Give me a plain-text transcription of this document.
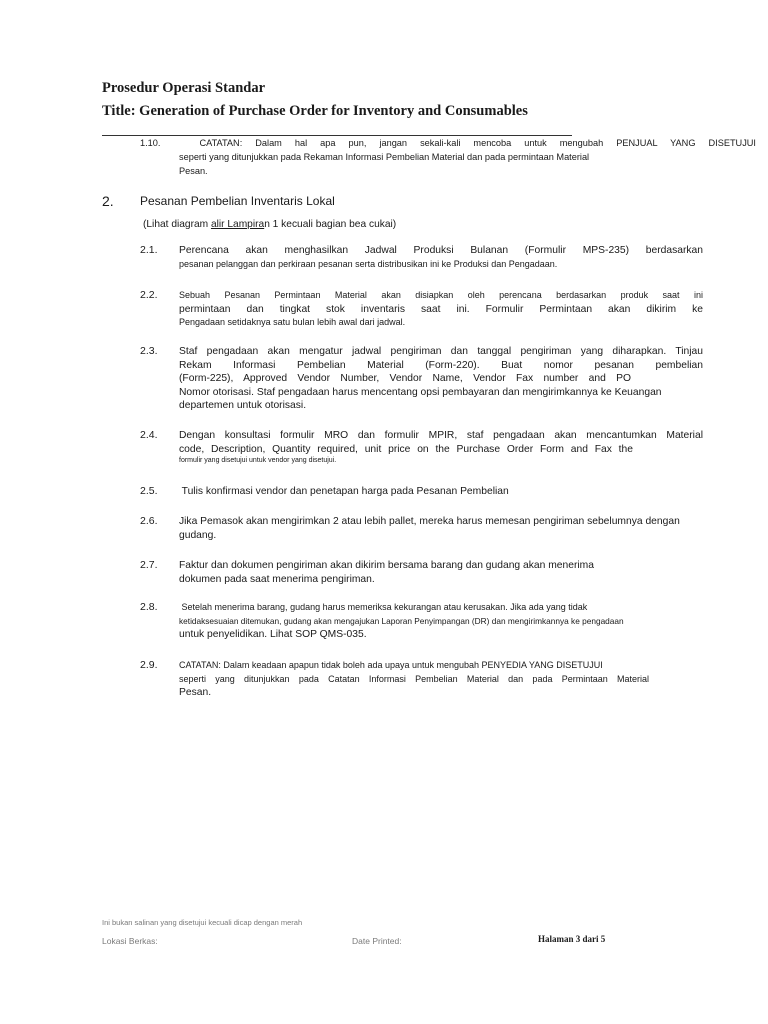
Prosedur Operasi Standar
Title: Generation of Purchase Order for Inventory and Consumables
1.10.	CATATAN: Dalam hal apa pun, jangan sekali-kali mencoba untuk mengubah PENJUAL YANG DISETUJUI
seperti yang ditunjukkan pada Rekaman Informasi Pembelian Material dan pada permintaan Material
Pesan.
2. Pesanan Pembelian Inventaris Lokal
(Lihat diagram alir Lampiran 1 kecuali bagian bea cukai)
2.1. Perencana akan menghasilkan Jadwal Produksi Bulanan (Formulir MPS-235) berdasarkan
pesanan pelanggan dan perkiraan pesanan serta distribusikan ini ke Produksi dan Pengadaan.
2.2. Sebuah Pesanan Permintaan Material akan disiapkan oleh perencana berdasarkan produk saat ini
permintaan dan tingkat stok inventaris saat ini. Formulir Permintaan akan dikirim ke
Pengadaan setidaknya satu bulan lebih awal dari jadwal.
2.3. Staf pengadaan akan mengatur jadwal pengiriman dan tanggal pengiriman yang diharapkan. Tinjau
Rekam Informasi Pembelian Material (Form-220). Buat nomor pesanan pembelian
(Form-225), Approved Vendor Number, Vendor Name, Vendor Fax number and PO
Nomor otorisasi. Staf pengadaan harus mencentang opsi pembayaran dan mengirimkannya ke Keuangan
departemen untuk otorisasi.
2.4. Dengan konsultasi formulir MRO dan formulir MPIR, staf pengadaan akan mencantumkan Material
code, Description, Quantity required, unit price on the Purchase Order Form and Fax the
formulir yang disetujui untuk vendor yang disetujui.
2.5. Tulis konfirmasi vendor dan penetapan harga pada Pesanan Pembelian
2.6. Jika Pemasok akan mengirimkan 2 atau lebih pallet, mereka harus memesan pengiriman sebelumnya dengan
gudang.
2.7. Faktur dan dokumen pengiriman akan dikirim bersama barang dan gudang akan menerima
dokumen pada saat menerima pengiriman.
2.8. Setelah menerima barang, gudang harus memeriksa kekurangan atau kerusakan. Jika ada yang tidak
ketidaksesuaian ditemukan, gudang akan mengajukan Laporan Penyimpangan (DR) dan mengirimkannya ke pengadaan
untuk penyelidikan. Lihat SOP QMS-035.
2.9. CATATAN: Dalam keadaan apapun tidak boleh ada upaya untuk mengubah PENYEDIA YANG DISETUJUI
seperti yang ditunjukkan pada Catatan Informasi Pembelian Material dan pada Permintaan Material
Pesan.
Ini bukan salinan yang disetujui kecuali dicap dengan merah
Lokasi Berkas:	Date Printed:	Halaman 3 dari 5
